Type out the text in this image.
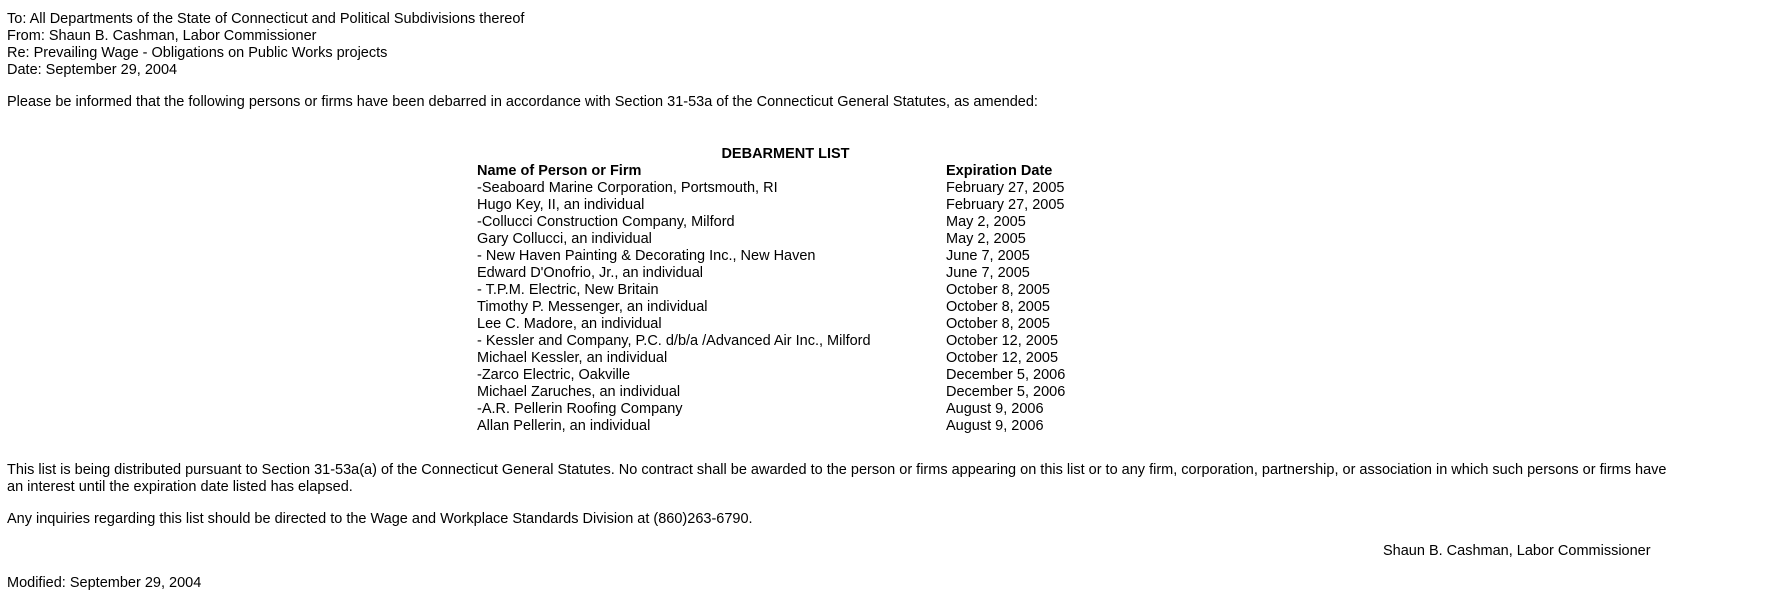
To: All Departments of the State of Connecticut and Political Subdivisions thereof
From: Shaun B. Cashman, Labor Commissioner
Re: Prevailing Wage - Obligations on Public Works projects
Date: September 29, 2004
Please be informed that the following persons or firms have been debarred in accordance with Section 31-53a of the Connecticut General Statutes, as amended:
DEBARMENT LIST
Name of Person or Firm	Expiration Date
-Seaboard Marine Corporation, Portsmouth, RI	February 27, 2005
Hugo Key, II, an individual	February 27, 2005
-Collucci Construction Company, Milford	May 2, 2005
Gary Collucci, an individual	May 2, 2005
- New Haven Painting & Decorating Inc., New Haven	June 7, 2005
Edward D'Onofrio, Jr., an individual	June 7, 2005
- T.P.M. Electric, New Britain	October 8, 2005
Timothy P. Messenger, an individual	October 8, 2005
Lee C. Madore, an individual	October 8, 2005
- Kessler and Company, P.C. d/b/a /Advanced Air Inc., Milford	October 12, 2005
Michael Kessler, an individual	October 12, 2005
-Zarco Electric, Oakville	December 5, 2006
Michael Zaruches, an individual	December 5, 2006
-A.R. Pellerin Roofing Company	August 9, 2006
Allan Pellerin, an individual	August 9, 2006
This list is being distributed pursuant to Section 31-53a(a) of the Connecticut General Statutes. No contract shall be awarded to the person or firms appearing on this list or to any firm, corporation, partnership, or association in which such persons or firms have an interest until the expiration date listed has elapsed.
Any inquiries regarding this list should be directed to the Wage and Workplace Standards Division at (860)263-6790.
Shaun B. Cashman, Labor Commissioner
Modified: September 29, 2004
